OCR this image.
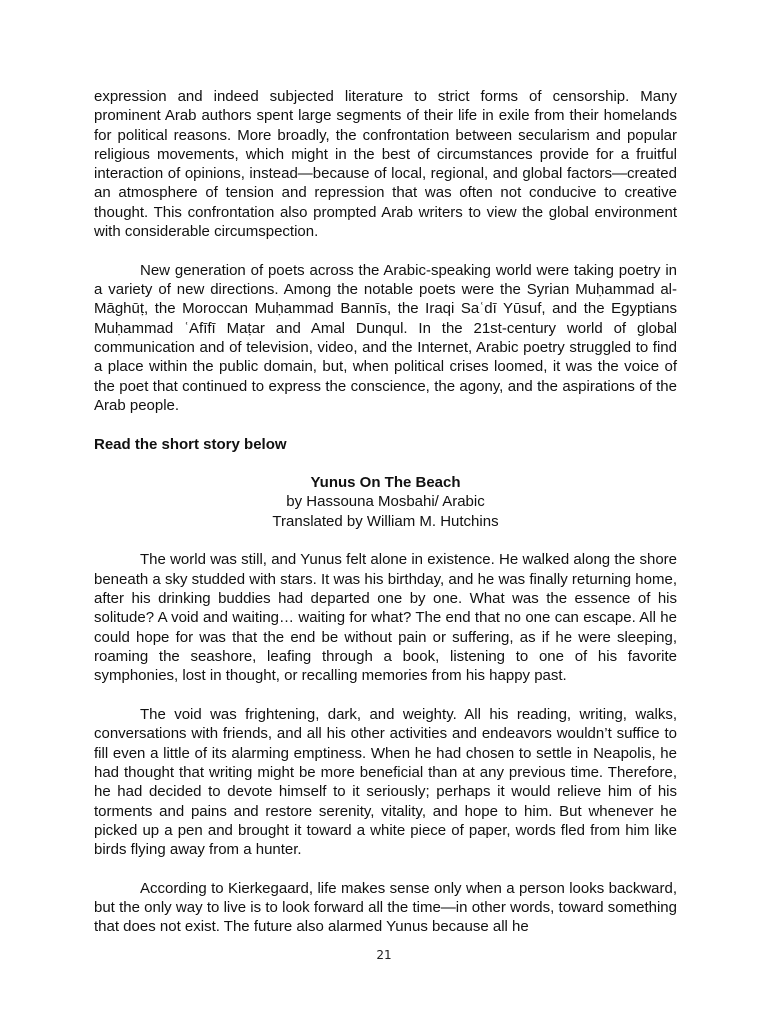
expression and indeed subjected literature to strict forms of censorship. Many prominent Arab authors spent large segments of their life in exile from their homelands for political reasons. More broadly, the confrontation between secularism and popular religious movements, which might in the best of circumstances provide for a fruitful interaction of opinions, instead—because of local, regional, and global factors—created an atmosphere of tension and repression that was often not conducive to creative thought. This confrontation also prompted Arab writers to view the global environment with considerable circumspection.

New generation of poets across the Arabic-speaking world were taking poetry in a variety of new directions. Among the notable poets were the Syrian Muḥammad al-Māghūṭ, the Moroccan Muḥammad Bannīs, the Iraqi Saʿdī Yūsuf, and the Egyptians Muḥammad ʿAfīfī Maṭar and Amal Dunqul. In the 21st-century world of global communication and of television, video, and the Internet, Arabic poetry struggled to find a place within the public domain, but, when political crises loomed, it was the voice of the poet that continued to express the conscience, the agony, and the aspirations of the Arab people.

Read the short story below

Yunus On The Beach
by Hassouna Mosbahi/ Arabic
Translated by William M. Hutchins

The world was still, and Yunus felt alone in existence. He walked along the shore beneath a sky studded with stars. It was his birthday, and he was finally returning home, after his drinking buddies had departed one by one. What was the essence of his solitude? A void and waiting… waiting for what? The end that no one can escape. All he could hope for was that the end be without pain or suffering, as if he were sleeping, roaming the seashore, leafing through a book, listening to one of his favorite symphonies, lost in thought, or recalling memories from his happy past.

The void was frightening, dark, and weighty. All his reading, writing, walks, conversations with friends, and all his other activities and endeavors wouldn’t suffice to fill even a little of its alarming emptiness. When he had chosen to settle in Neapolis, he had thought that writing might be more beneficial than at any previous time. Therefore, he had decided to devote himself to it seriously; perhaps it would relieve him of his torments and pains and restore serenity, vitality, and hope to him. But whenever he picked up a pen and brought it toward a white piece of paper, words fled from him like birds flying away from a hunter.

According to Kierkegaard, life makes sense only when a person looks backward, but the only way to live is to look forward all the time—in other words, toward something that does not exist. The future also alarmed Yunus because all he

21
